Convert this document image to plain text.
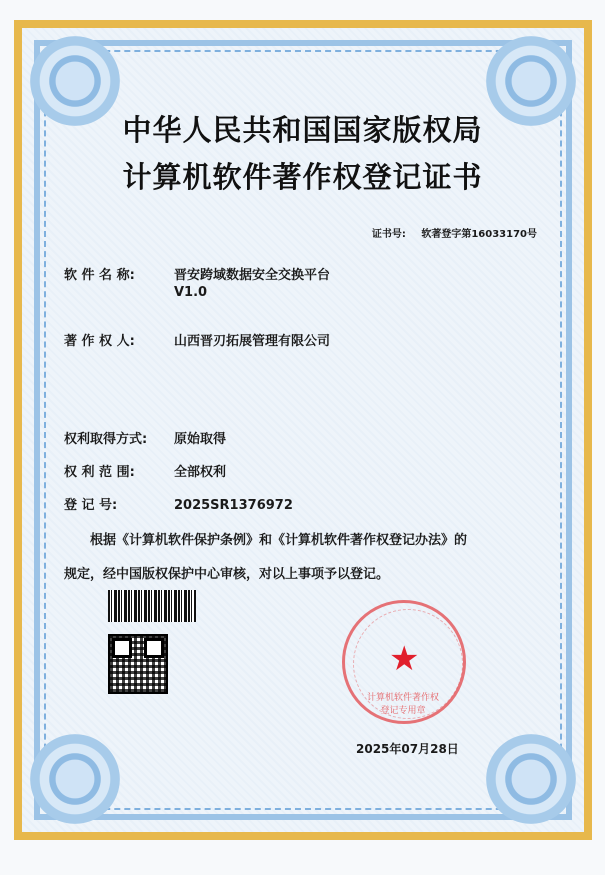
中华人民共和国国家版权局
计算机软件著作权登记证书
证书号: 软著登字第16033170号
软 件 名 称:	晋安跨域数据安全交换平台
V1.0
著 作 权 人:	山西晋刃拓展管理有限公司
权利取得方式: 原始取得
权 利 范 围:	全部权利
登 记 号:	2025SR1376972
根据《计算机软件保护条例》和《计算机软件著作权登记办法》的
规定，经中国版权保护中心审核，对以上事项予以登记。
★
计算机软件著作权
登记专用章
2025年07月28日
